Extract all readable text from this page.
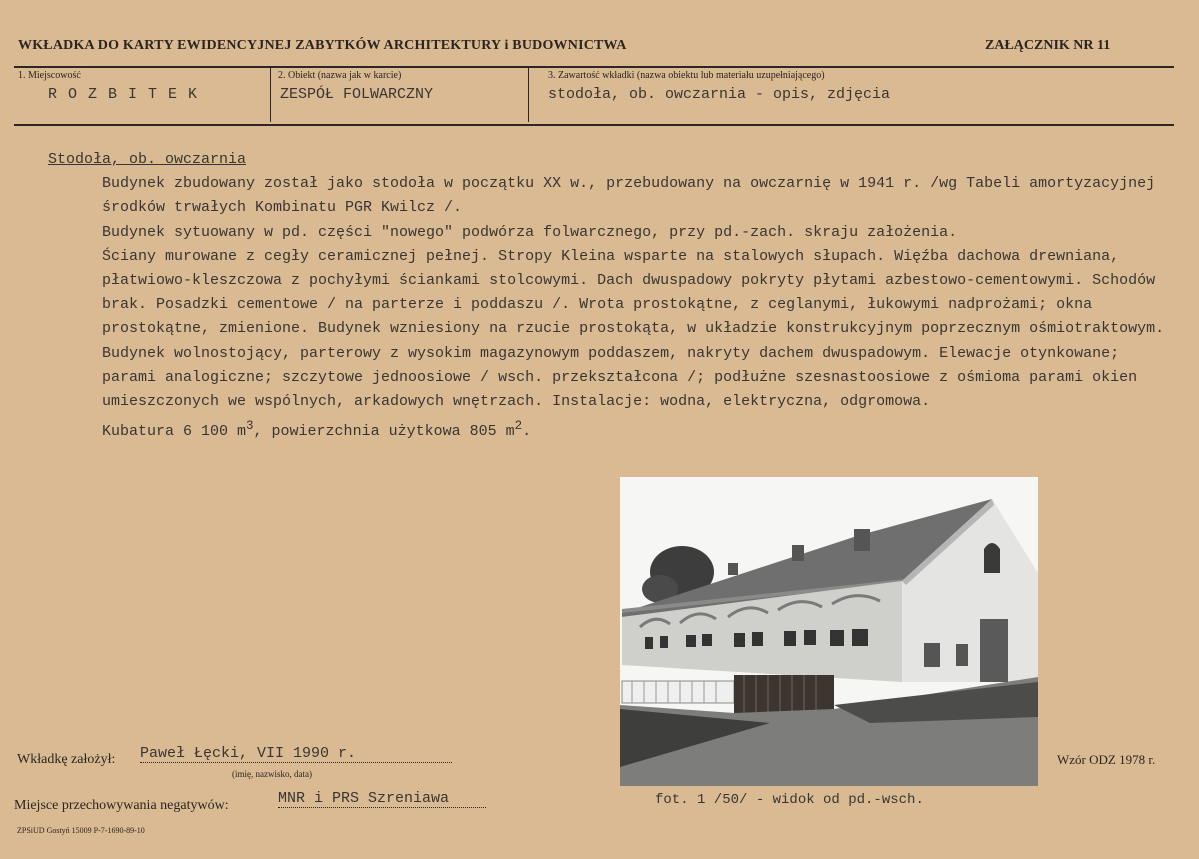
WKŁADKA DO KARTY EWIDENCYJNEJ ZABYTKÓW ARCHITEKTURY i BUDOWNICTWA	ZAŁĄCZNIK NR 11
1. Miejscowość
R O Z B I T E K
2. Obiekt (nazwa jak w karcie)
ZESPÓŁ FOLWARCZNY
3. Zawartość wkładki (nazwa obiektu lub materiału uzupełniającego)
stodoła, ob. owczarnia - opis, zdjęcia

Stodoła, ob. owczarnia

Budynek zbudowany został jako stodoła w początku XX w., przebudowany na owczarnię w 1941 r. /wg Tabeli amortyzacyjnej środków trwałych Kombinatu PGR Kwilcz /.

Budynek sytuowany w pd. części "nowego" podwórza folwarcznego, przy pd.-zach. skraju założenia.

Ściany murowane z cegły ceramicznej pełnej. Stropy Kleina wsparte na stalowych słupach. Więźba dachowa drewniana, płatwiowo-kleszczowa z pochyłymi ściankami stolcowymi. Dach dwuspadowy pokryty płytami azbestowo-cementowymi. Schodów brak. Posadzki cementowe / na parterze i poddaszu /. Wrota prostokątne, z ceglanymi, łukowymi nadprożami; okna prostokątne, zmienione. Budynek wzniesiony na rzucie prostokąta, w układzie konstrukcyjnym poprzecznym ośmiotraktowym. Budynek wolnostojący, parterowy z wysokim magazynowym poddaszem, nakryty dachem dwuspadowym. Elewacje otynkowane; parami analogiczne; szczytowe jednoosiowe / wsch. przekształcona /; podłużne szesnastoosiowe z ośmioma parami okien umieszczonych we wspólnych, arkadowych wnętrzach. Instalacje: wodna, elektryczna, odgromowa.

Kubatura 6 100 $m^3$, powierzchnia użytkowa 805 $m^2$.

fot. 1 /50/ - widok od pd.-wsch.
Wkładkę założył: Paweł Łęcki, VII 1990 r.
(imię, nazwisko, data)
Miejsce przechowywania negatywów:	MNR i PRS Szreniawa
Wzór ODZ 1978 r.
ZPSiUD Gostyń 15009 P-7-1690-89-10
